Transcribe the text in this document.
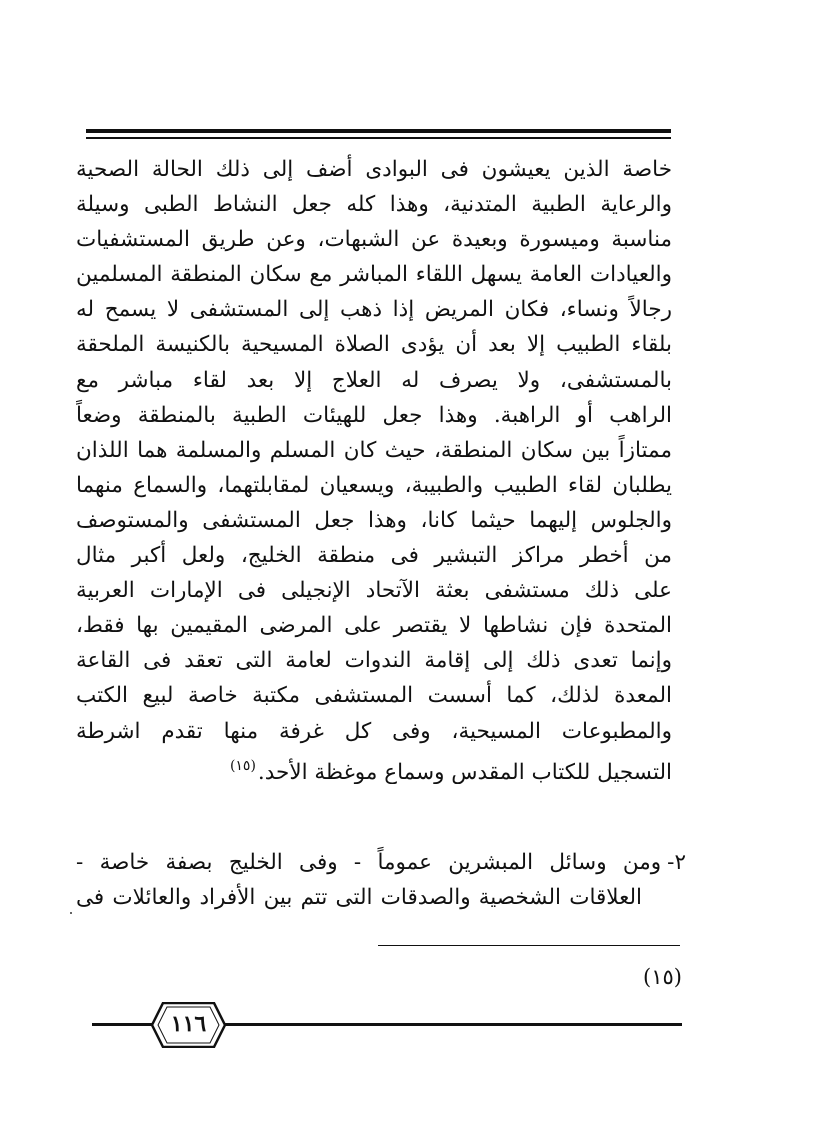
خاصة الذين يعيشون فى البوادى أضف إلى ذلك الحالة الصحية
والرعاية الطبية المتدنية، وهذا كله جعل النشاط الطبى وسيلة
مناسبة وميسورة وبعيدة عن الشبهات، وعن طريق المستشفيات
والعيادات العامة يسهل اللقاء المباشر مع سكان المنطقة المسلمين
رجالاً ونساء، فكان المريض إذا ذهب إلى المستشفى لا يسمح له
بلقاء الطبيب إلا بعد أن يؤدى الصلاة المسيحية بالكنيسة الملحقة
بالمستشفى، ولا يصرف له العلاج إلا بعد لقاء مباشر مع
الراهب أو الراهبة. وهذا جعل للهيئات الطبية بالمنطقة وضعاً
ممتازاً بين سكان المنطقة، حيث كان المسلم والمسلمة هما اللذان
يطلبان لقاء الطبيب والطبيبة، ويسعيان لمقابلتهما، والسماع منهما
والجلوس إليهما حيثما كانا، وهذا جعل المستشفى والمستوصف
من أخطر مراكز التبشير فى منطقة الخليج، ولعل أكبر مثال
على ذلك مستشفى بعثة الآتحاد الإنجيلى فى الإمارات العربية
المتحدة فإن نشاطها لا يقتصر على المرضى المقيمين بها فقط،
وإنما تعدى ذلك إلى إقامة الندوات لعامة التى تعقد فى القاعة
المعدة لذلك، كما أسست المستشفى مكتبة خاصة لبيع الكتب
والمطبوعات المسيحية، وفى كل غرفة منها تقدم اشرطة
التسجيل للكتاب المقدس وسماع موغظة الأحد.$^{(١٥)}$
٢-ومن وسائل المبشرين عموماً - وفى الخليج بصفة خاصة -
العلاقات الشخصية والصدقات التى تتم بين الأفراد والعائلات فى
(١٥)
١١٦
